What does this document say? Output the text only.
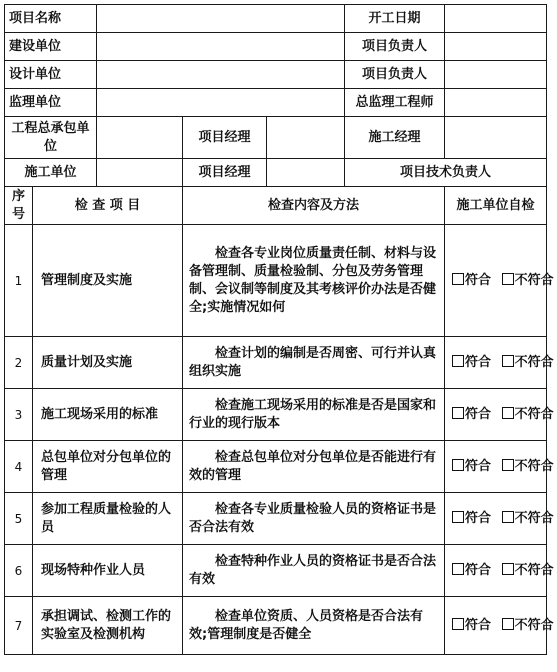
项目名称					开工日期	
建设单位					项目负责人	
设计单位					项目负责人	
监理单位					总监理工程师	
工程总承包单位			项目经理		施工经理	
施工单位			项目经理		项目技术负责人	
序号	检 查 项 目		检查内容及方法			施工单位自检
1	管理制度及实施		检查各专业岗位质量责任制、材料与设备管理制、质量检验制、分包及劳务管理制、会议制等制度及其考核评价办法是否健全;实施情况如何			符合 不符合
2	质量计划及实施		检查计划的编制是否周密、可行并认真组织实施			符合 不符合
3	施工现场采用的标准		检查施工现场采用的标准是否是国家和行业的现行版本			符合 不符合
4	总包单位对分包单位的管理		检查总包单位对分包单位是否能进行有效的管理			符合 不符合
5	参加工程质量检验的人员		检查各专业质量检验人员的资格证书是否合法有效			符合 不符合
6	现场特种作业人员		检查特种作业人员的资格证书是否合法有效			符合 不符合
7	承担调试、检测工作的实验室及检测机构		检查单位资质、人员资格是否合法有效;管理制度是否健全			符合 不符合
